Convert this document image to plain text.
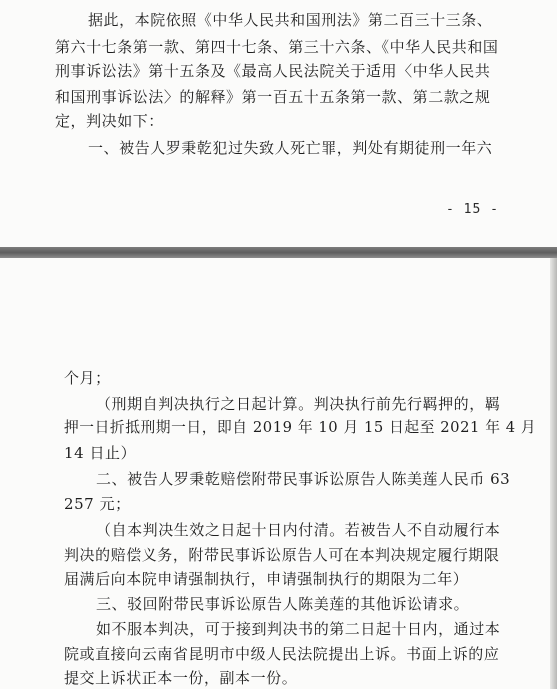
据此，本院依照《中华人民共和国刑法》第二百三十三条、
第六十七条第一款、第四十七条、第三十六条、《中华人民共和国
刑事诉讼法》第十五条及《最高人民法院关于适用〈中华人民共
和国刑事诉讼法〉的解释》第一百五十五条第一款、第二款之规
定，判决如下：
一、被告人罗秉乾犯过失致人死亡罪，判处有期徒刑一年六
- 15 -
个月；
（刑期自判决执行之日起计算。判决执行前先行羁押的，羁
押一日折抵刑期一日，即自 2019 年 10 月 15 日起至 2021 年 4 月
14 日止）
二、被告人罗秉乾赔偿附带民事诉讼原告人陈美莲人民币 63
257 元；
（自本判决生效之日起十日内付清。若被告人不自动履行本
判决的赔偿义务，附带民事诉讼原告人可在本判决规定履行期限
届满后向本院申请强制执行，申请强制执行的期限为二年）
三、驳回附带民事诉讼原告人陈美莲的其他诉讼请求。
如不服本判决，可于接到判决书的第二日起十日内，通过本
院或直接向云南省昆明市中级人民法院提出上诉。书面上诉的应
提交上诉状正本一份，副本一份。
